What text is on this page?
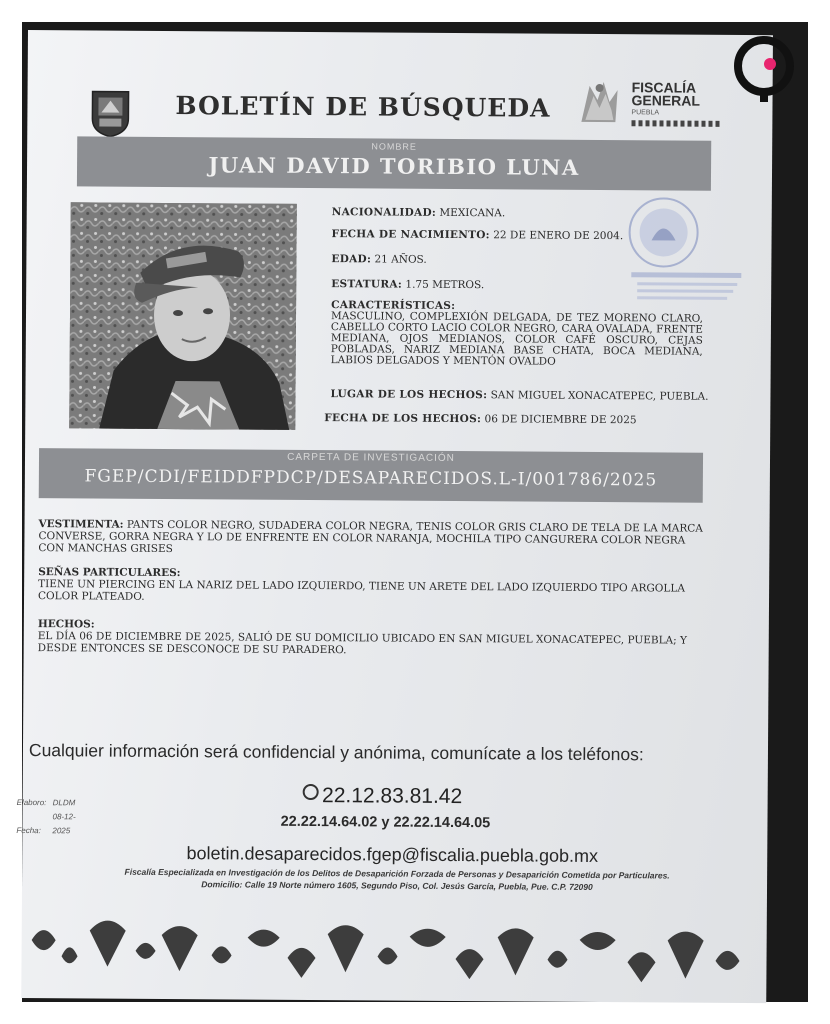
BOLETÍN DE BÚSQUEDA
FISCALÍA
GENERAL
PUEBLA
NOMBRE
JUAN DAVID TORIBIO LUNA
NACIONALIDAD: MEXICANA.
FECHA DE NACIMIENTO: 22 DE ENERO DE 2004.
EDAD: 21 AÑOS.
ESTATURA: 1.75 METROS.
CARACTERÍSTICAS:
MASCULINO, COMPLEXIÓN DELGADA, DE TEZ MORENO CLARO, CABELLO CORTO LACIO COLOR NEGRO, CARA OVALADA, FRENTE MEDIANA, OJOS MEDIANOS, COLOR CAFÉ OSCURO, CEJAS POBLADAS, NARIZ MEDIANA BASE CHATA, BOCA MEDIANA, LABIOS DELGADOS Y MENTÓN OVALDO
LUGAR DE LOS HECHOS: SAN MIGUEL XONACATEPEC, PUEBLA.
FECHA DE LOS HECHOS: 06 DE DICIEMBRE DE 2025
CARPETA DE INVESTIGACIÓN
FGEP/CDI/FEIDDFPDCP/DESAPARECIDOS.L-I/001786/2025
VESTIMENTA: PANTS COLOR NEGRO, SUDADERA COLOR NEGRA, TENIS COLOR GRIS CLARO DE TELA DE LA MARCA CONVERSE, GORRA NEGRA Y LO DE ENFRENTE EN COLOR NARANJA, MOCHILA TIPO CANGURERA COLOR NEGRA CON MANCHAS GRISES
SEÑAS PARTICULARES:
TIENE UN PIERCING EN LA NARIZ DEL LADO IZQUIERDO, TIENE UN ARETE DEL LADO IZQUIERDO TIPO ARGOLLA COLOR PLATEADO.
HECHOS:
EL DÍA 06 DE DICIEMBRE DE 2025, SALIÓ DE SU DOMICILIO UBICADO EN SAN MIGUEL XONACATEPEC, PUEBLA; Y DESDE ENTONCES SE DESCONOCE DE SU PARADERO.
Cualquier información será confidencial y anónima, comunícate a los teléfonos:
Elaboro: DLDM
Fecha:08-12-2025
22.12.83.81.42
22.22.14.64.02 y 22.22.14.64.05
boletin.desaparecidos.fgep@fiscalia.puebla.gob.mx
Fiscalía Especializada en Investigación de los Delitos de Desaparición Forzada de Personas y Desaparición Cometida por Particulares.
Domicilio: Calle 19 Norte número 1605, Segundo Piso, Col. Jesús García, Puebla, Pue. C.P. 72090
